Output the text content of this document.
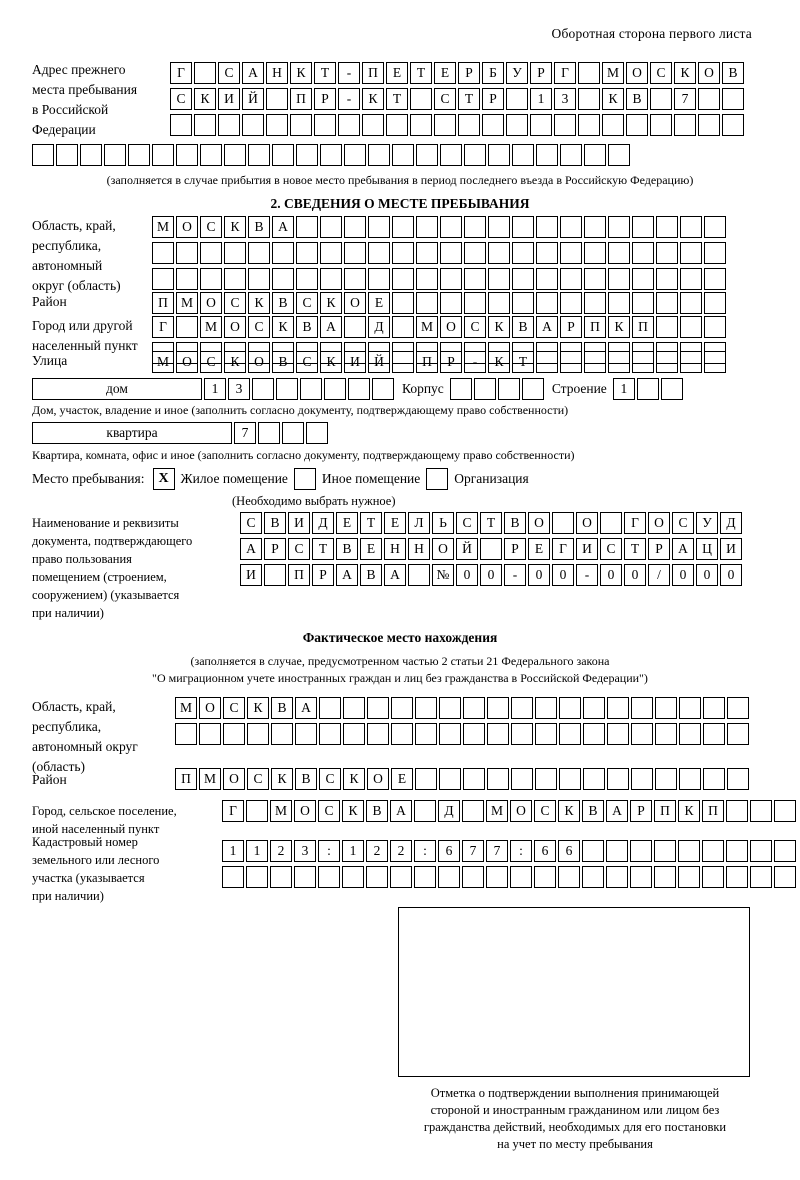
Оборотная сторона первого листа
Адрес прежнего
места пребывания
в Российской
Федерации
Г	С	А	Н	К	Т	-	П	Е	Т	Е	Р	Б	У	Р	Г	М О	С	К	О	В
С	К	И	Й	П	Р	-	К	Т	С	Т	Р	1	3	К	В	7
(заполняется в случае прибытия в новое место пребывания в период последнего въезда в Российскую Федерацию)
2. СВЕДЕНИЯ О МЕСТЕ ПРЕБЫВАНИЯ
Область, край,
республика,
автономный
округ (область)
М О	С	К	В	А
Район	П М О	С	К	В	С	К	О	Е
Город или другой
населенный пункт
Г	М О	С	К	В	А	Д	М О	С	К	В	А	Р	П	К	П
Улица	М О	С	К	О	В	С	К	И	Й	П	Р	-	К	Т
дом	1	3	Корпус	Строение	1
Дом, участок, владение и иное (заполнить согласно документу, подтверждающему право собственности)
квартира	7
Квартира, комната, офис и иное (заполнить согласно документу, подтверждающему право собственности)
Место пребывания: X Жилое помещение	Иное помещение	Организация
(Необходимо выбрать нужное)
Наименование и реквизиты
документа, подтверждающего
право пользования
помещением (строением,
сооружением) (указывается
при наличии)
С	В	И	Д	Е	Т	Е	Л	Ь	С	Т	В	О	О	Г	О	С	У	Д
А	Р	С	Т	В	Е	Н	Н	О	Й	Р	Е	Г	И	С	Т	Р	А	Ц	И
И	П	Р	А	В	А	№	0	0	-	0	0	-	0	0	/	0	0	0
Фактическое место нахождения
(заполняется в случае, предусмотренном частью 2 статьи 21 Федерального закона
"О миграционном учете иностранных граждан и лиц без гражданства в Российской Федерации")
Область, край,
республика,
автономный округ
(область)
М О	С	К	В	А
Район	П М О	С	К	В	С	К	О	Е
Город, сельское поселение,
иной населенный пункт
Г	М О	С	К	В	А	Д	М О	С	К	В	А	Р	П	К	П
Кадастровый номер
земельного или лесного
участка (указывается
при наличии)
1	1	2	3	:	1	2	2	:	6	7	7	:	6	6
Отметка о подтверждении выполнения принимающей
стороной и иностранным гражданином или лицом без
гражданства действий, необходимых для его постановки
на учет по месту пребывания
